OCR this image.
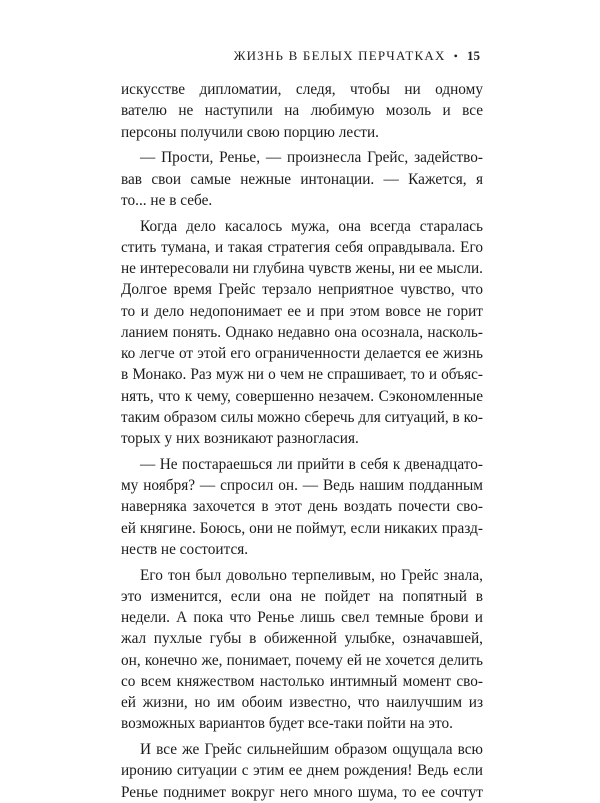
ЖИЗНЬ В БЕЛЫХ ПЕРЧАТКАХ • 15
искусстве дипломатии, следя, чтобы ни одному
вателю не наступили на любимую мозоль и все
персоны получили свою порцию лести.
— Прости, Ренье, — произнесла Грейс, задейство-
вав свои самые нежные интонации. — Кажется, я
то... не в себе.
Когда дело касалось мужа, она всегда старалась
стить тумана, и такая стратегия себя оправдывала. Его
не интересовали ни глубина чувств жены, ни ее мысли.
Долгое время Грейс терзало неприятное чувство, что
то и дело недопонимает ее и при этом вовсе не горит
ланием понять. Однако недавно она осознала, насколь-
ко легче от этой его ограниченности делается ее жизнь
в Монако. Раз муж ни о чем не спрашивает, то и объяс-
нять, что к чему, совершенно незачем. Сэкономленные
таким образом силы можно сберечь для ситуаций, в ко-
торых у них возникают разногласия.
— Не постараешься ли прийти в себя к двенадцато-
му ноября? — спросил он. — Ведь нашим подданным
наверняка захочется в этот день воздать почести сво-
ей княгине. Боюсь, они не поймут, если никаких празд-
неств не состоится.
Его тон был довольно терпеливым, но Грейс знала,
это изменится, если она не пойдет на попятный в
недели. А пока что Ренье лишь свел темные брови и
жал пухлые губы в обиженной улыбке, означавшей,
он, конечно же, понимает, почему ей не хочется делить
со всем княжеством настолько интимный момент сво-
ей жизни, но им обоим известно, что наилучшим из
возможных вариантов будет все-таки пойти на это.
И все же Грейс сильнейшим образом ощущала всю
иронию ситуации с этим ее днем рождения! Ведь если
Ренье поднимет вокруг него много шума, то ее сочтут
